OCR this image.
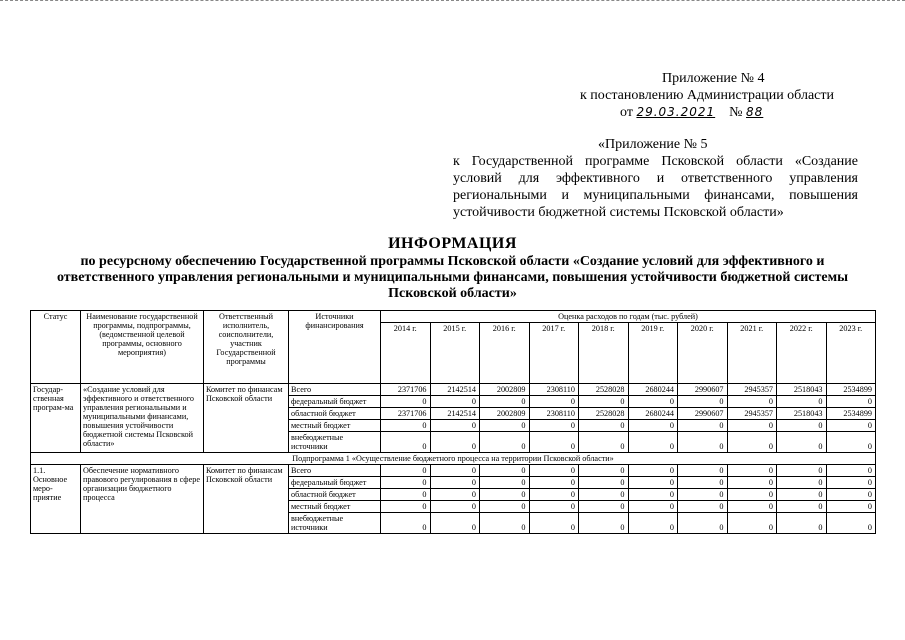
Приложение № 4
к постановлению Администрации области
от 29.03.2021 № 88
«Приложение № 5
к Государственной программе Псковской области «Создание условий для эффективного и ответственного управления региональными и муниципальными финансами, повышения устойчивости бюджетной системы Псковской области»
ИНФОРМАЦИЯ
по ресурсному обеспечению Государственной программы Псковской области «Создание условий для эффективного и ответственного управления региональными и муниципальными финансами, повышения устойчивости бюджетной системы Псковской области»
Статус	Наименование государственной программы, подпрограммы, (ведомственной целевой программы, основного мероприятия)	Ответственный исполнитель, соисполнители, участник Государственной программы	Источники финансирования	Оценка расходов по годам (тыс. рублей)									
				2014 г.	2015 г.	2016 г.	2017 г.	2018 г.	2019 г.	2020 г.	2021 г.	2022 г.	2023 г.
Государ-ственная програм-ма	«Создание условий для эффективного и ответственного управления региональными и муниципальными финансами, повышения устойчивости бюджетной системы Псковской области»	Комитет по финансам Псковской области	Всего	2371706	2142514	2002809	2308110	2528028	2680244	2990607	2945357	2518043	2534899
			федеральный бюджет	0	0	0	0	0	0	0	0	0	0
			областной бюджет	2371706	2142514	2002809	2308110	2528028	2680244	2990607	2945357	2518043	2534899
			местный бюджет	0	0	0	0	0	0	0	0	0	0
			внебюджетные источники	0	0	0	0	0	0	0	0	0	0
Подпрограмма 1 «Осуществление бюджетного процесса на территории Псковской области»													
1.1. Основное меро-приятие	Обеспечение нормативного правового регулирования в сфере организации бюджетного процесса	Комитет по финансам Псковской области	Всего	0	0	0	0	0	0	0	0	0	0
			федеральный бюджет	0	0	0	0	0	0	0	0	0	0
			областной бюджет	0	0	0	0	0	0	0	0	0	0
			местный бюджет	0	0	0	0	0	0	0	0	0	0
			внебюджетные источники	0	0	0	0	0	0	0	0	0	0
